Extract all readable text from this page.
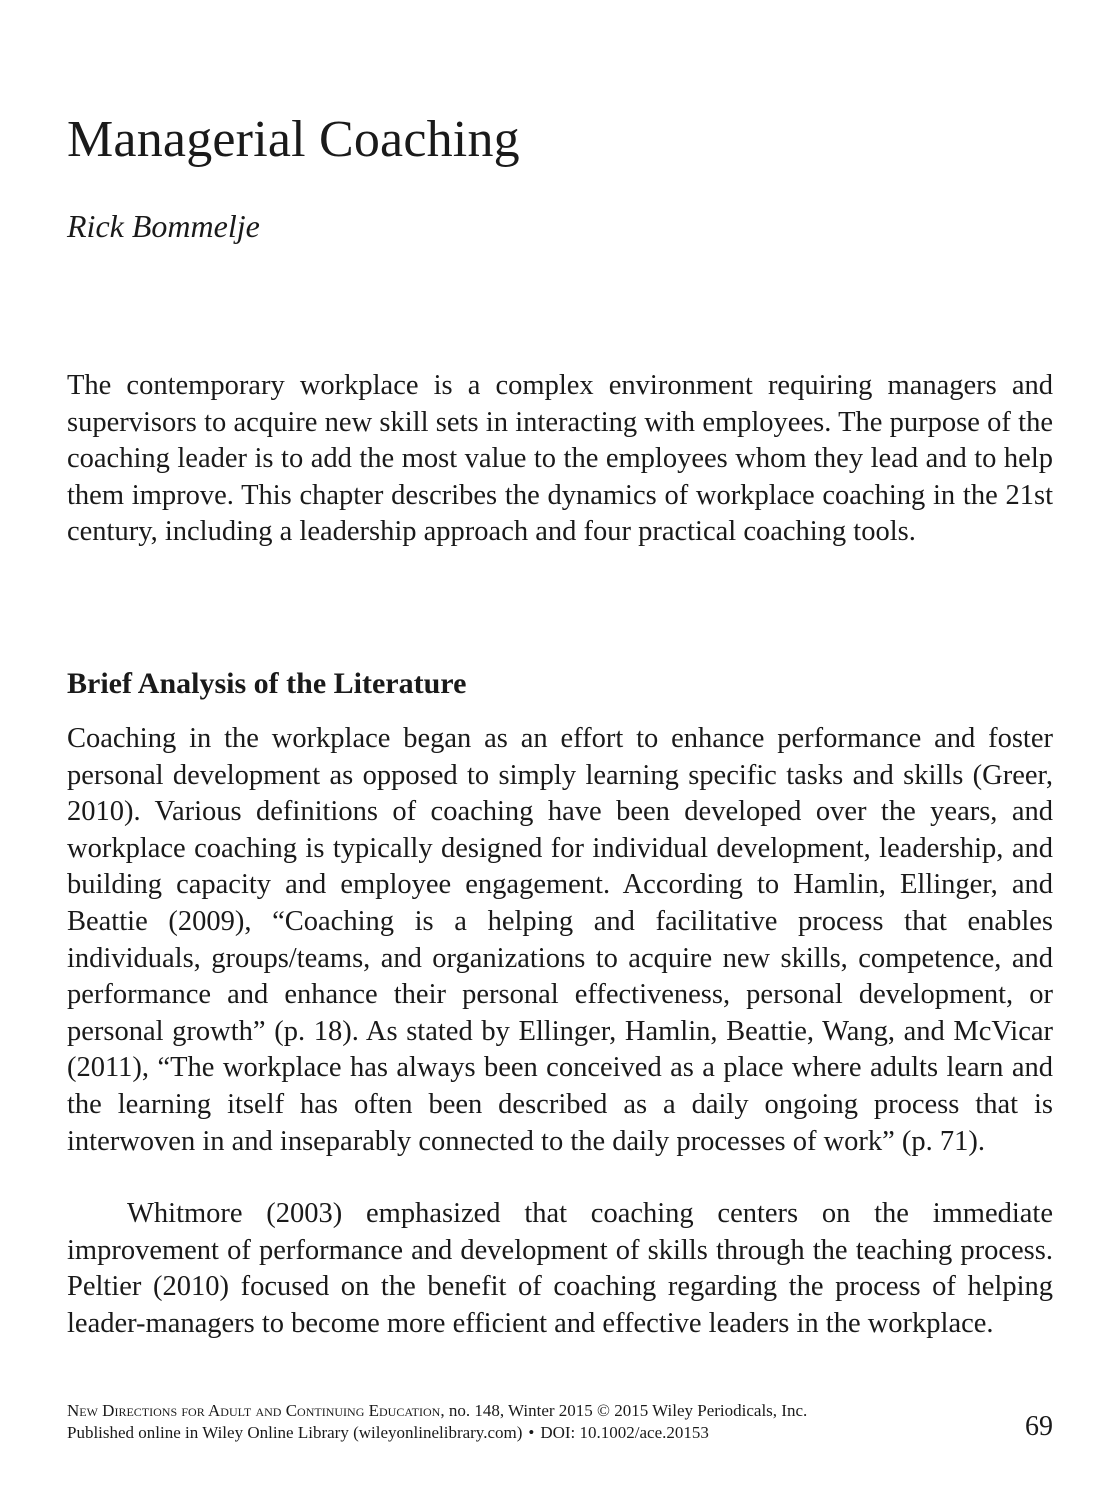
Managerial Coaching

Rick Bommelje

The contemporary workplace is a complex environment requiring managers and supervisors to acquire new skill sets in interacting with employees. The purpose of the coaching leader is to add the most value to the employees whom they lead and to help them improve. This chapter describes the dynamics of workplace coaching in the 21st century, including a leadership approach and four practical coaching tools.

Brief Analysis of the Literature

Coaching in the workplace began as an effort to enhance performance and foster personal development as opposed to simply learning specific tasks and skills (Greer, 2010). Various definitions of coaching have been developed over the years, and workplace coaching is typically designed for individual development, leadership, and building capacity and employee engagement. According to Hamlin, Ellinger, and Beattie (2009), “Coaching is a helping and facilitative process that enables individuals, groups/teams, and organizations to acquire new skills, competence, and performance and enhance their personal effectiveness, personal development, or personal growth” (p. 18). As stated by Ellinger, Hamlin, Beattie, Wang, and McVicar (2011), “The workplace has always been conceived as a place where adults learn and the learning itself has often been described as a daily ongoing process that is interwoven in and inseparably connected to the daily processes of work” (p. 71).

Whitmore (2003) emphasized that coaching centers on the immediate improvement of performance and development of skills through the teaching process. Peltier (2010) focused on the benefit of coaching regarding the process of helping leader-managers to become more efficient and effective leaders in the workplace.

New Directions for Adult and Continuing Education, no. 148, Winter 2015 © 2015 Wiley Periodicals, Inc.
Published online in Wiley Online Library (wileyonlinelibrary.com) • DOI: 10.1002/ace.20153	69
